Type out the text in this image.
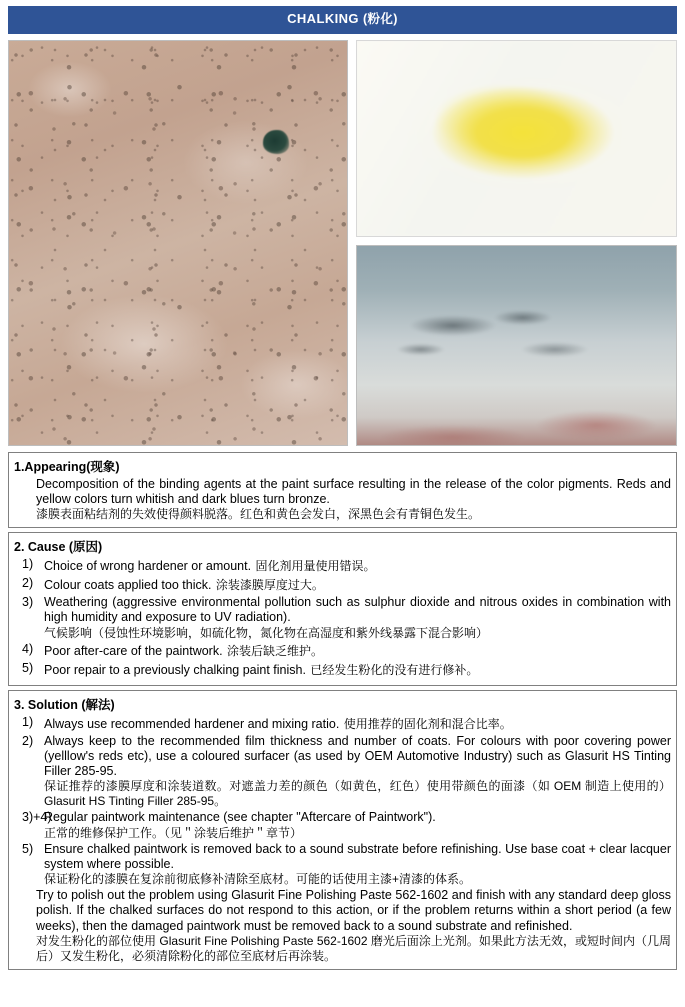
CHALKING (粉化)
1.Appearing(现象)
Decomposition of the binding agents at the paint surface resulting in the release of the color pigments. Reds and yellow colors turn whitish and dark blues turn bronze.
漆膜表面粘结剂的失效使得颜料脱落。红色和黄色会发白，深黑色会有青铜色发生。
2. Cause (原因)
1) Choice of wrong hardener or amount. 固化剂用量使用错误。
2) Colour coats applied too thick. 涂装漆膜厚度过大。
3) Weathering (aggressive environmental pollution such as sulphur dioxide and nitrous oxides in combination with high humidity and exposure to UV radiation).
气候影响（侵蚀性环境影响，如硫化物，氮化物在高湿度和紫外线暴露下混合影响）
4) Poor after-care of the paintwork. 涂装后缺乏维护。
5) Poor repair to a previously chalking paint finish. 已经发生粉化的没有进行修补。
3. Solution (解法)
1) Always use recommended hardener and mixing ratio. 使用推荐的固化剂和混合比率。
2) Always keep to the recommended film thickness and number of coats. For colours with poor covering power (yelllow's reds etc), use a coloured surfacer (as used by OEM Automotive Industry) such as Glasurit HS Tinting Filler 285-95.
保证推荐的漆膜厚度和涂装道数。对遮盖力差的颜色（如黄色，红色）使用带颜色的面漆（如 OEM 制造上使用的）Glasurit HS Tinting Filler 285-95。
3)+4)
Regular paintwork maintenance (see chapter "Aftercare of Paintwork").
正常的维修保护工作。（见＂涂装后维护＂章节）
5) Ensure chalked paintwork is removed back to a sound substrate before refinishing. Use base coat + clear lacquer system where possible.
保证粉化的漆膜在复涂前彻底修补清除至底材。可能的话使用主漆+清漆的体系。
Try to polish out the problem using Glasurit Fine Polishing Paste 562-1602 and finish with any standard deep gloss polish. If the chalked surfaces do not respond to this action, or if the problem returns within a short period (a few weeks), then the damaged paintwork must be removed back to a sound substrate and refinished.
对发生粉化的部位使用 Glasurit Fine Polishing Paste 562-1602 磨光后面涂上光剂。如果此方法无效，或短时间内（几周后）又发生粉化，必须清除粉化的部位至底材后再涂装。
